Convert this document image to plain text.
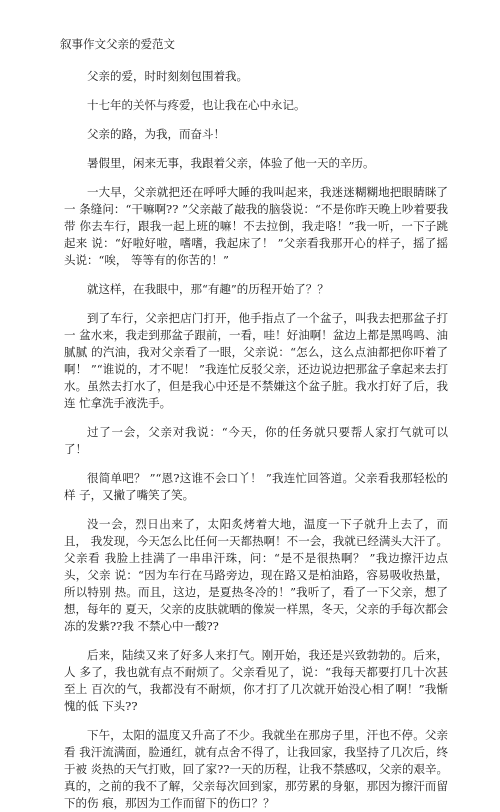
叙事作文父亲的爱范文

父亲的爱，时时刻刻包围着我。

十七年的关怀与疼爱，也让我在心中永记。

父亲的路，为我，而奋斗！

暑假里，闲来无事，我跟着父亲，体验了他一天的辛历。

一大早，父亲就把还在呼呼大睡的我叫起来，我迷迷糊糊地把眼睛眯了一 条缝问：“干嘛啊?? ”父亲敲了敲我的脑袋说：“不是你昨天晚上吵着要我带 你去车行，跟我一起上班的嘛！不去拉倒，我走咯！”我一听，一下子跳起来 说：“好啦好啦，嗜嗜，我起床了！ ”父亲看我那开心的样子，摇了摇头说：“唉， 等等有的你苦的！”

就这样，在我眼中，那“有趣”的历程开始了？？

到了车行，父亲把店门打开，他手指点了一个盆子，叫我去把那盆子打一 盆水来，我走到那盆子跟前，一看，哇！好油啊！盆边上都是黑鸣鸣、油腻腻 的汽油，我对父亲看了一眼，父亲说：“怎么，这么点油都把你吓着了 啊！ ”“谁说的，才不呢！ ”我连忙反驳父亲，还边说边把那盆子拿起来去打 水。虽然去打水了，但是我心中还是不禁嫌这个盆子脏。我水打好了后，我连 忙拿洗手液洗手。

过了一会，父亲对我说：“今天，你的任务就只要帮人家打气就可以了！

很简单吧？ ”“恩?这谁不会口丫！ ”我连忙回答道。父亲看我那轻松的样 子，又撇了嘴笑了笑。

没一会，烈日出来了，太阳炙烤着大地，温度一下子就升上去了，而且， 我发现，今天怎么比任何一天都热啊！不一会，我就已经满头大汗了。父亲看 我脸上挂满了一串串汗珠，问：“是不是很热啊？ ”我边擦汗边点头，父亲 说：“因为车行在马路旁边，现在路又是柏油路，容易吸收热量，所以特别 热。而且，这边，是夏热冬冷的！”我听了，看了一下父亲，想了想，每年的 夏天，父亲的皮肤就晒的像炭一样黑，冬天，父亲的手每次都会冻的发紫??我 不禁心中一酸??

后来，陆续又来了好多人来打气。刚开始，我还是兴致勃勃的。后来，人 多了，我也就有点不耐烦了。父亲看见了，说：“我每天都要打几十次甚至上 百次的气，我都没有不耐烦，你才打了几次就开始没心相了啊！”我惭愧的低 下头??

下午，太阳的温度又升高了不少。我就坐在那房子里，汗也不停。父亲看 我汗流满面，脸通红，就有点舍不得了，让我回家，我坚持了几次后，终于被 炎热的天气打败，回了家??一天的历程，让我不禁感叹，父亲的艰辛。真的，之前的我不了解，父亲每次回到家，那劳累的身躯，那因为擦汗而留下的伤 痕，那因为工作而留下的伤口？？
